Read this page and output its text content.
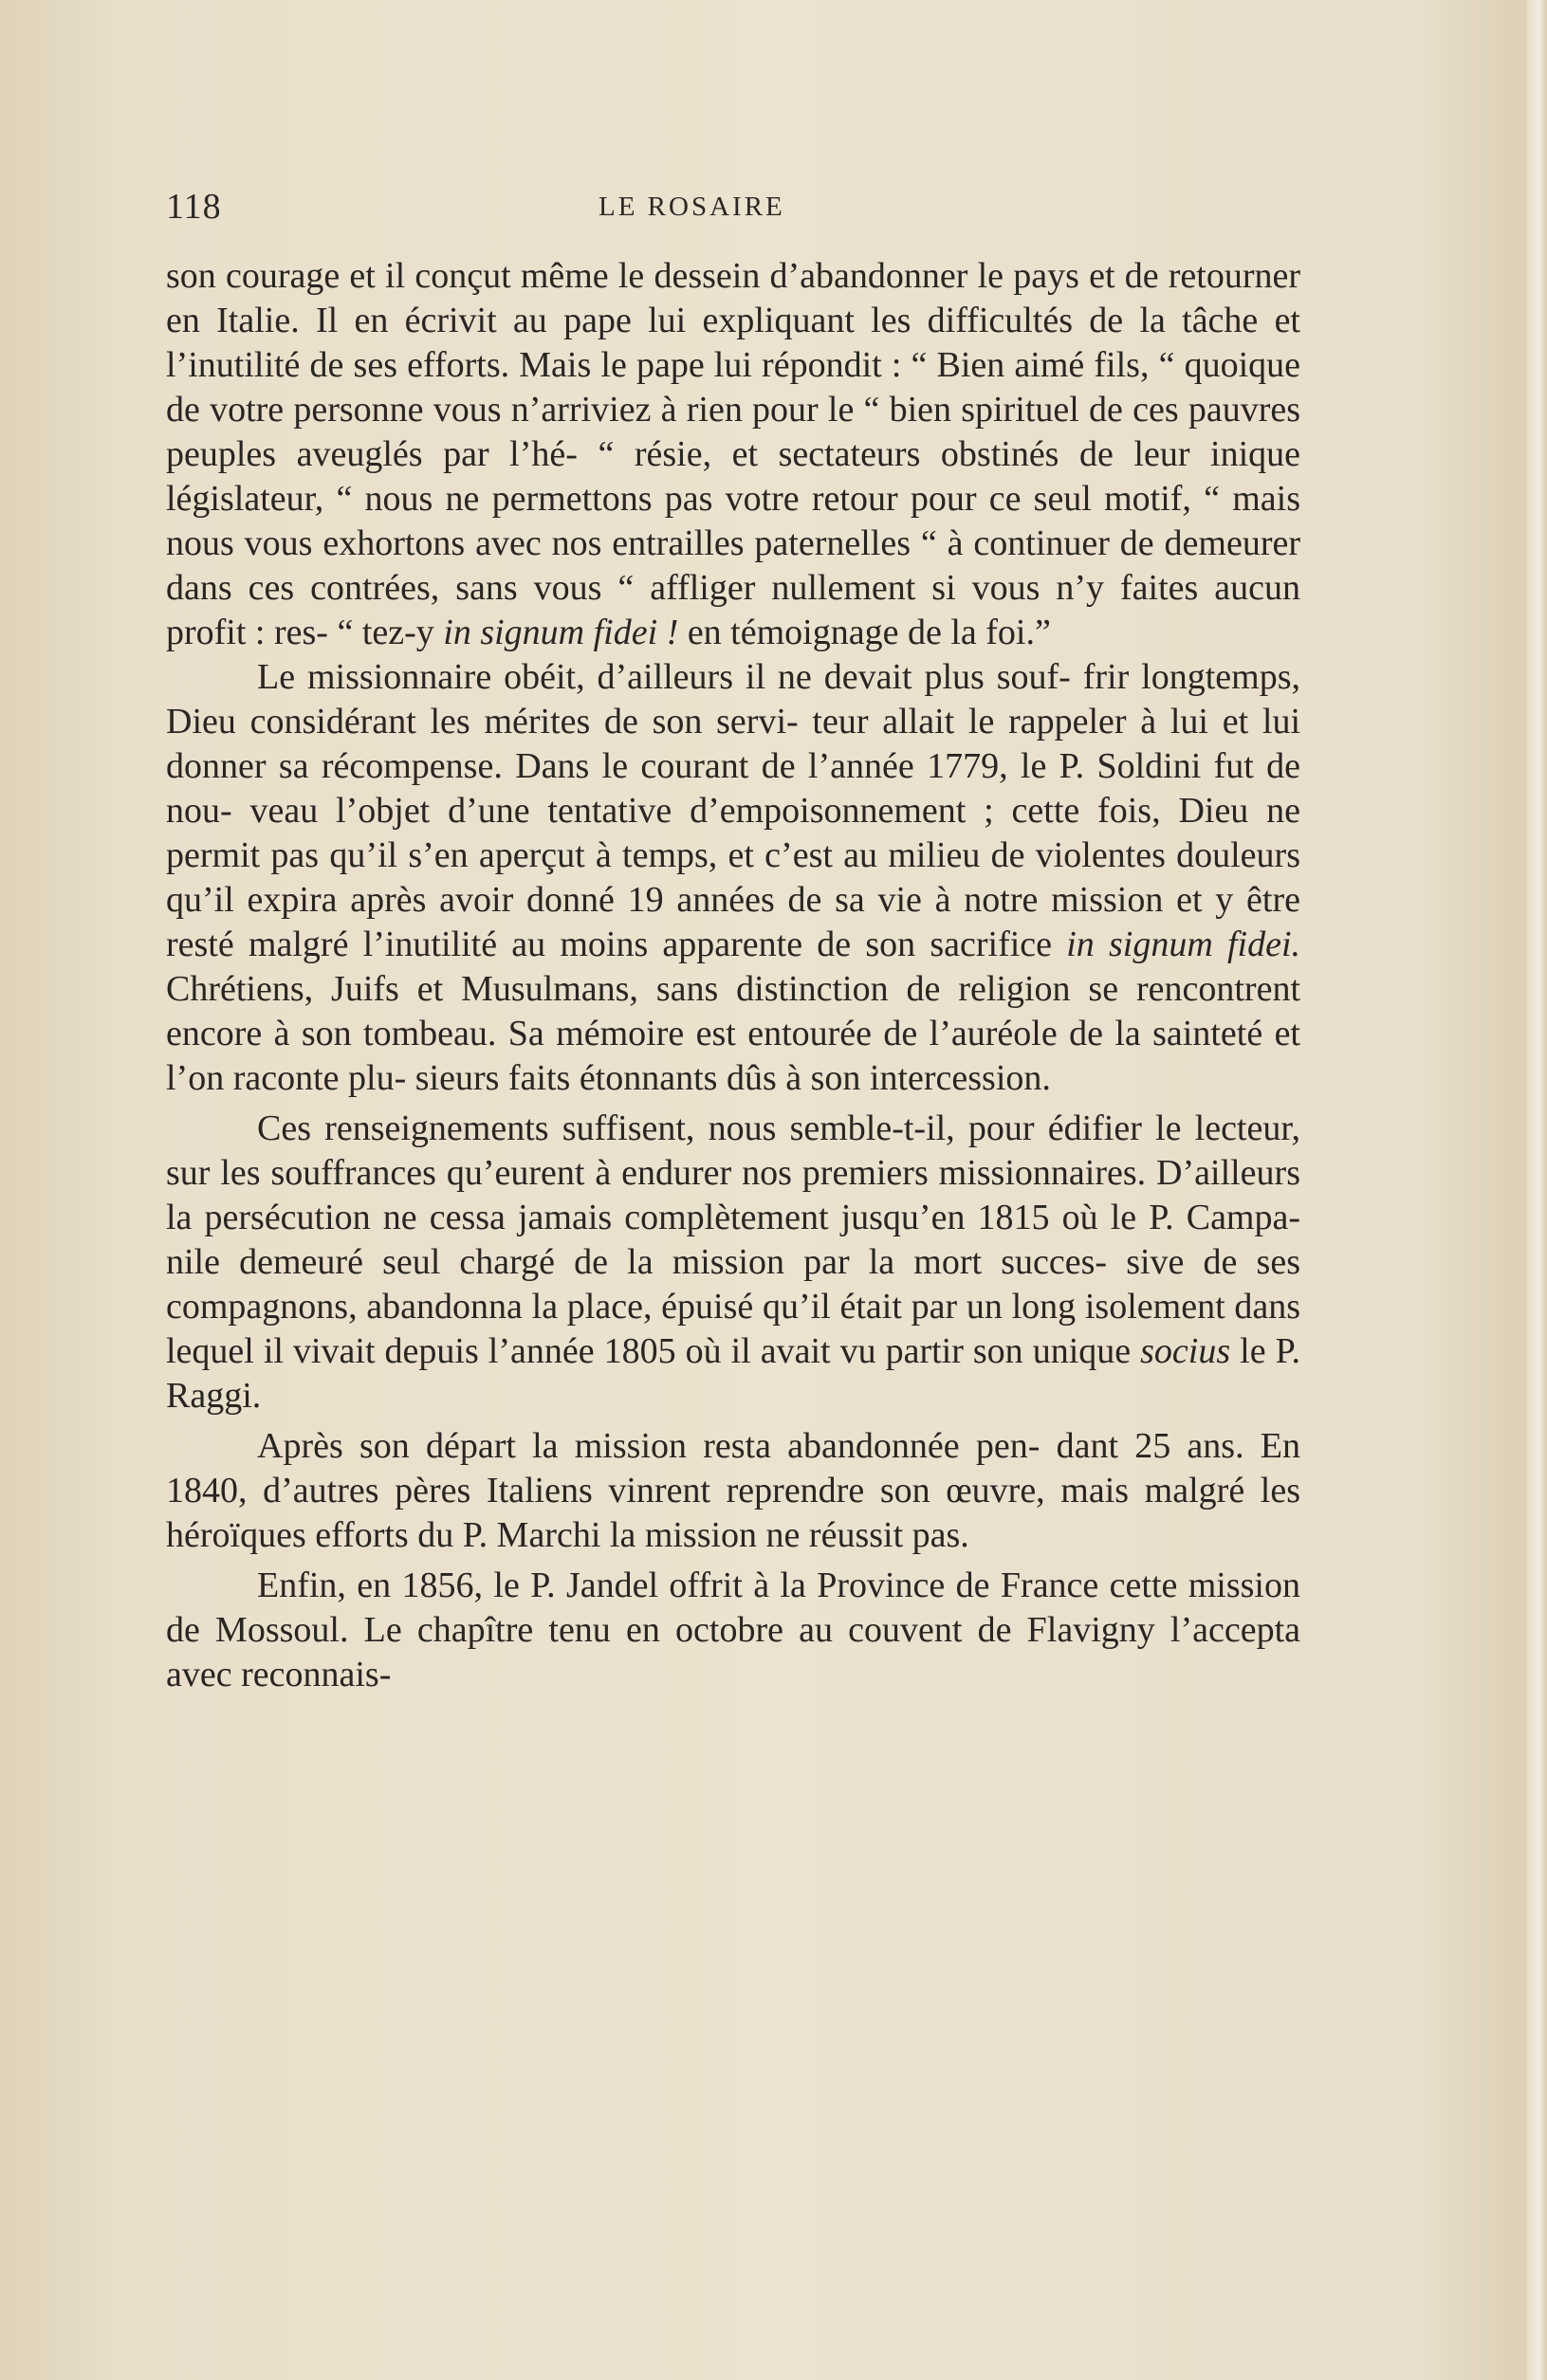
118	LE ROSAIRE

son courage et il conçut même le dessein d’abandonner le pays et de retourner en Italie. Il en écrivit au pape lui expliquant les difficultés de la tâche et l’inutilité de ses efforts. Mais le pape lui répondit : “ Bien aimé fils, “ quoique de votre personne vous n’arriviez à rien pour le “ bien spirituel de ces pauvres peuples aveuglés par l’hé- “ résie, et sectateurs obstinés de leur inique législateur, “ nous ne permettons pas votre retour pour ce seul motif, “ mais nous vous exhortons avec nos entrailles paternelles “ à continuer de demeurer dans ces contrées, sans vous “ affliger nullement si vous n’y faites aucun profit : res- “ tez-y in signum fidei ! en témoignage de la foi.”

Le missionnaire obéit, d’ailleurs il ne devait plus souf- frir longtemps, Dieu considérant les mérites de son servi- teur allait le rappeler à lui et lui donner sa récompense. Dans le courant de l’année 1779, le P. Soldini fut de nou- veau l’objet d’une tentative d’empoisonnement ; cette fois, Dieu ne permit pas qu’il s’en aperçut à temps, et c’est au milieu de violentes douleurs qu’il expira après avoir donné 19 années de sa vie à notre mission et y être resté malgré l’inutilité au moins apparente de son sacrifice in signum fidei. Chrétiens, Juifs et Musulmans, sans distinction de religion se rencontrent encore à son tombeau. Sa mémoire est entourée de l’auréole de la sainteté et l’on raconte plu- sieurs faits étonnants dûs à son intercession.

Ces renseignements suffisent, nous semble-t-il, pour édifier le lecteur, sur les souffrances qu’eurent à endurer nos premiers missionnaires. D’ailleurs la persécution ne cessa jamais complètement jusqu’en 1815 où le P. Campa- nile demeuré seul chargé de la mission par la mort succes- sive de ses compagnons, abandonna la place, épuisé qu’il était par un long isolement dans lequel il vivait depuis l’année 1805 où il avait vu partir son unique socius le P. Raggi.

Après son départ la mission resta abandonnée pen- dant 25 ans. En 1840, d’autres pères Italiens vinrent reprendre son œuvre, mais malgré les héroïques efforts du P. Marchi la mission ne réussit pas.

Enfin, en 1856, le P. Jandel offrit à la Province de France cette mission de Mossoul. Le chapître tenu en octobre au couvent de Flavigny l’accepta avec reconnais-
